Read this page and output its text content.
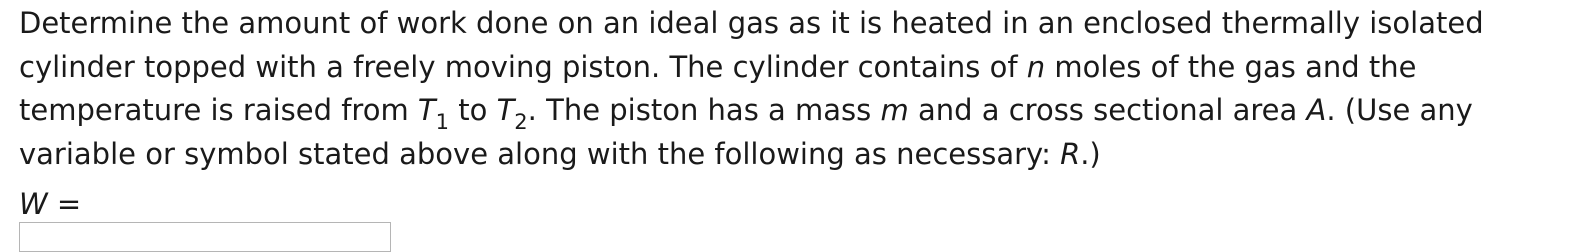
Determine the amount of work done on an ideal gas as it is heated in an enclosed thermally isolated
cylinder topped with a freely moving piston. The cylinder contains of n moles of the gas and the
temperature is raised from $T_1$ to $T_2$. The piston has a mass m and a cross sectional area A. (Use any
variable or symbol stated above along with the following as necessary: R.)
W =
